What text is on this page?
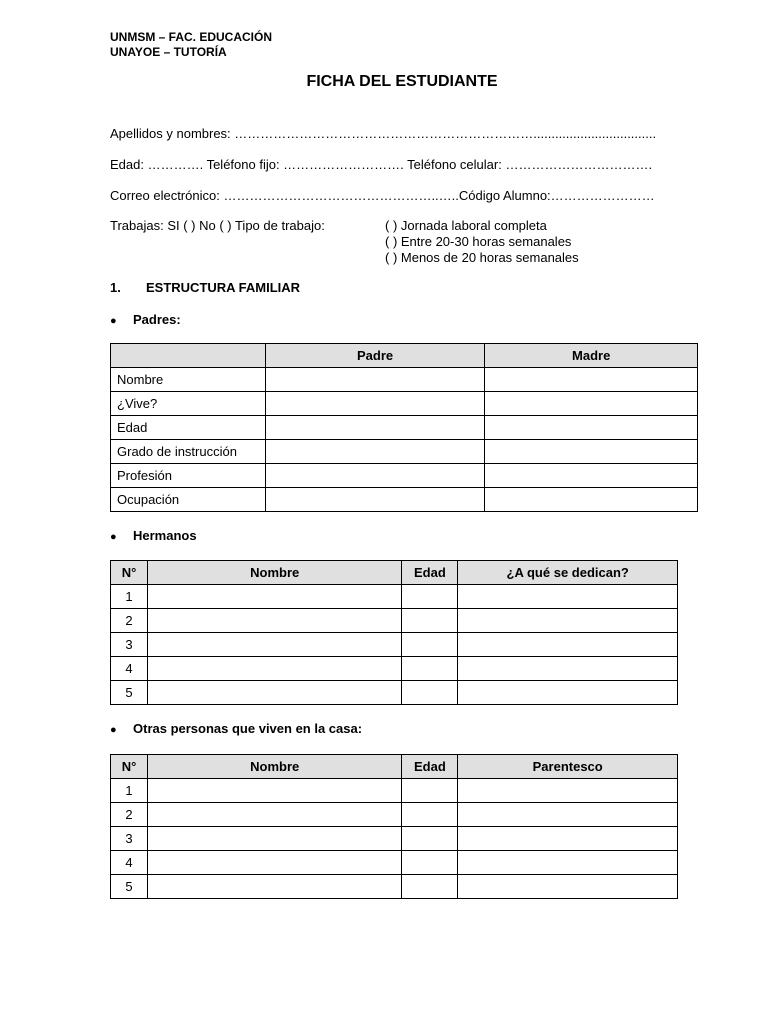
UNMSM – FAC. EDUCACIÓN
UNAYOE – TUTORÍA
FICHA DEL ESTUDIANTE
Apellidos y nombres: ……………………………………………………………..................................
Edad: …………. Teléfono fijo: ………………………. Teléfono celular: …………………………….
Correo electrónico: …………………………………………..…..Código Alumno:……………………
Trabajas: SI ( ) No ( ) Tipo de trabajo:	( ) Jornada laboral completa
( ) Entre 20-30 horas semanales
( ) Menos de 20 horas semanales
1. ESTRUCTURA FAMILIAR
● Padres:
	Padre	Madre
Nombre		
¿Vive?		
Edad		
Grado de instrucción		
Profesión		
Ocupación		
● Hermanos
N°	Nombre	Edad	¿A qué se dedican?
1			
2			
3			
4			
5			
● Otras personas que viven en la casa:
N°	Nombre	Edad	Parentesco
1			
2			
3			
4			
5			
